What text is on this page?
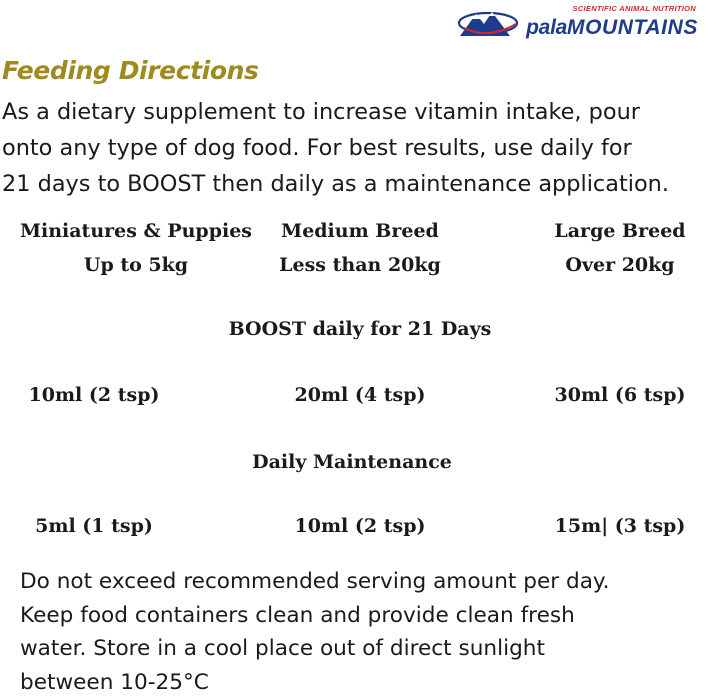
SCIENTIFIC ANIMAL NUTRITION
palaMOUNTAINS
Feeding Directions
As a dietary supplement to increase vitamin intake, pour
onto any type of dog food. For best results, use daily for
21 days to BOOST then daily as a maintenance application.
Miniatures & Puppies	Medium Breed	Large Breed
Up to 5kg	Less than 20kg	Over 20kg
BOOST daily for 21 Days
10ml (2 tsp)	20ml (4 tsp)	30ml (6 tsp)
Daily Maintenance
5ml (1 tsp)	10ml (2 tsp)	15m| (3 tsp)
Do not exceed recommended serving amount per day.
Keep food containers clean and provide clean fresh
water. Store in a cool place out of direct sunlight
between 10-25°C
